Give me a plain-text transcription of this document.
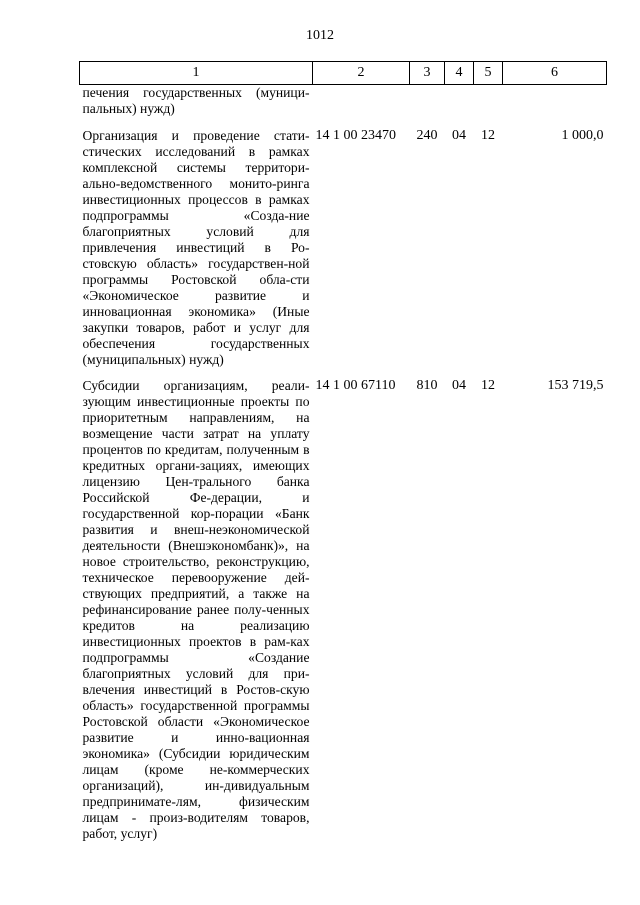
1012
1	2	3	4	5	6
печения государственных (муници-пальных) нужд)					
Организация и проведение стати-стических исследований в рамках комплексной системы территори-ально-ведомственного монито-ринга инвестиционных процессов в рамках подпрограммы «Созда-ние благоприятных условий для привлечения инвестиций в Ро-стовскую область» государствен-ной программы Ростовской обла-сти «Экономическое развитие и инновационная экономика» (Иные закупки товаров, работ и услуг для обеспечения государственных (муниципальных) нужд)	14 1 00 23470	240	04	12	1 000,0
Субсидии организациям, реали-зующим инвестиционные проекты по приоритетным направлениям, на возмещение части затрат на уплату процентов по кредитам, полученным в кредитных органи-зациях, имеющих лицензию Цен-трального банка Российской Фе-дерации, и государственной кор-порации «Банк развития и внеш-неэкономической деятельности (Внешэкономбанк)», на новое строительство, реконструкцию, техническое перевооружение дей-ствующих предприятий, а также на рефинансирование ранее полу-ченных кредитов на реализацию инвестиционных проектов в рам-ках подпрограммы «Создание благоприятных условий для при-влечения инвестиций в Ростов-скую область» государственной программы Ростовской области «Экономическое развитие и инно-вационная экономика» (Субсидии юридическим лицам (кроме не-коммерческих организаций), ин-дивидуальным предпринимате-лям, физическим лицам - произ-водителям товаров, работ, услуг)	14 1 00 67110	810	04	12	153 719,5
